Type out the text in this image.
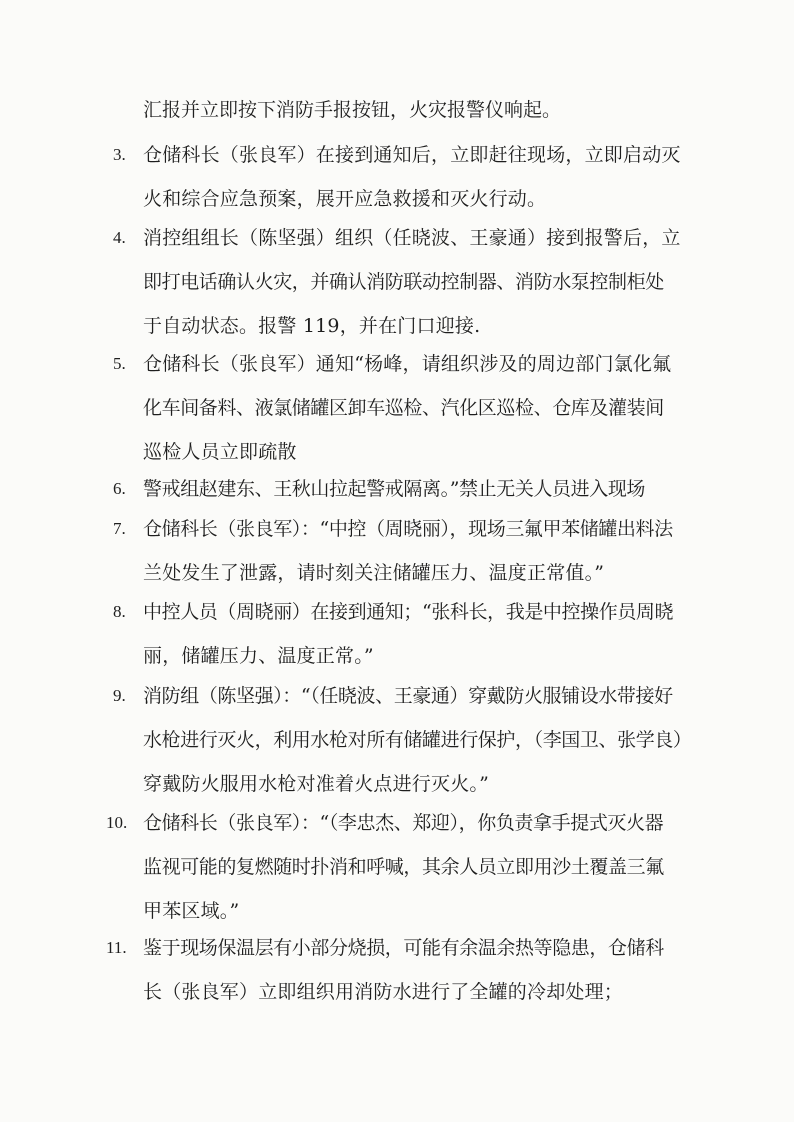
汇报并立即按下消防手报按钮，火灾报警仪响起。
3. 仓储科长（张良军）在接到通知后，立即赶往现场，立即启动灭
火和综合应急预案，展开应急救援和灭火行动。
4. 消控组组长（陈坚强）组织（任晓波、王豪通）接到报警后，立
即打电话确认火灾，并确认消防联动控制器、消防水泵控制柜处
于自动状态。报警 119，并在门口迎接.
5. 仓储科长（张良军）通知“杨峰，请组织涉及的周边部门氯化氟
化车间备料、液氯储罐区卸车巡检、汽化区巡检、仓库及灌装间
巡检人员立即疏散
6. 警戒组赵建东、王秋山拉起警戒隔离。”禁止无关人员进入现场
7. 仓储科长（张良军）：“中控（周晓丽），现场三氟甲苯储罐出料法
兰处发生了泄露，请时刻关注储罐压力、温度正常值。”
8. 中控人员（周晓丽）在接到通知；“张科长，我是中控操作员周晓
丽，储罐压力、温度正常。”
9. 消防组（陈坚强）：“（任晓波、王豪通）穿戴防火服铺设水带接好
水枪进行灭火，利用水枪对所有储罐进行保护，（李国卫、张学良）
穿戴防火服用水枪对准着火点进行灭火。”
10. 仓储科长（张良军）：“（李忠杰、郑迎），你负责拿手提式灭火器
监视可能的复燃随时扑消和呼喊，其余人员立即用沙土覆盖三氟
甲苯区域。”
11. 鉴于现场保温层有小部分烧损，可能有余温余热等隐患，仓储科
长（张良军）立即组织用消防水进行了全罐的冷却处理；
